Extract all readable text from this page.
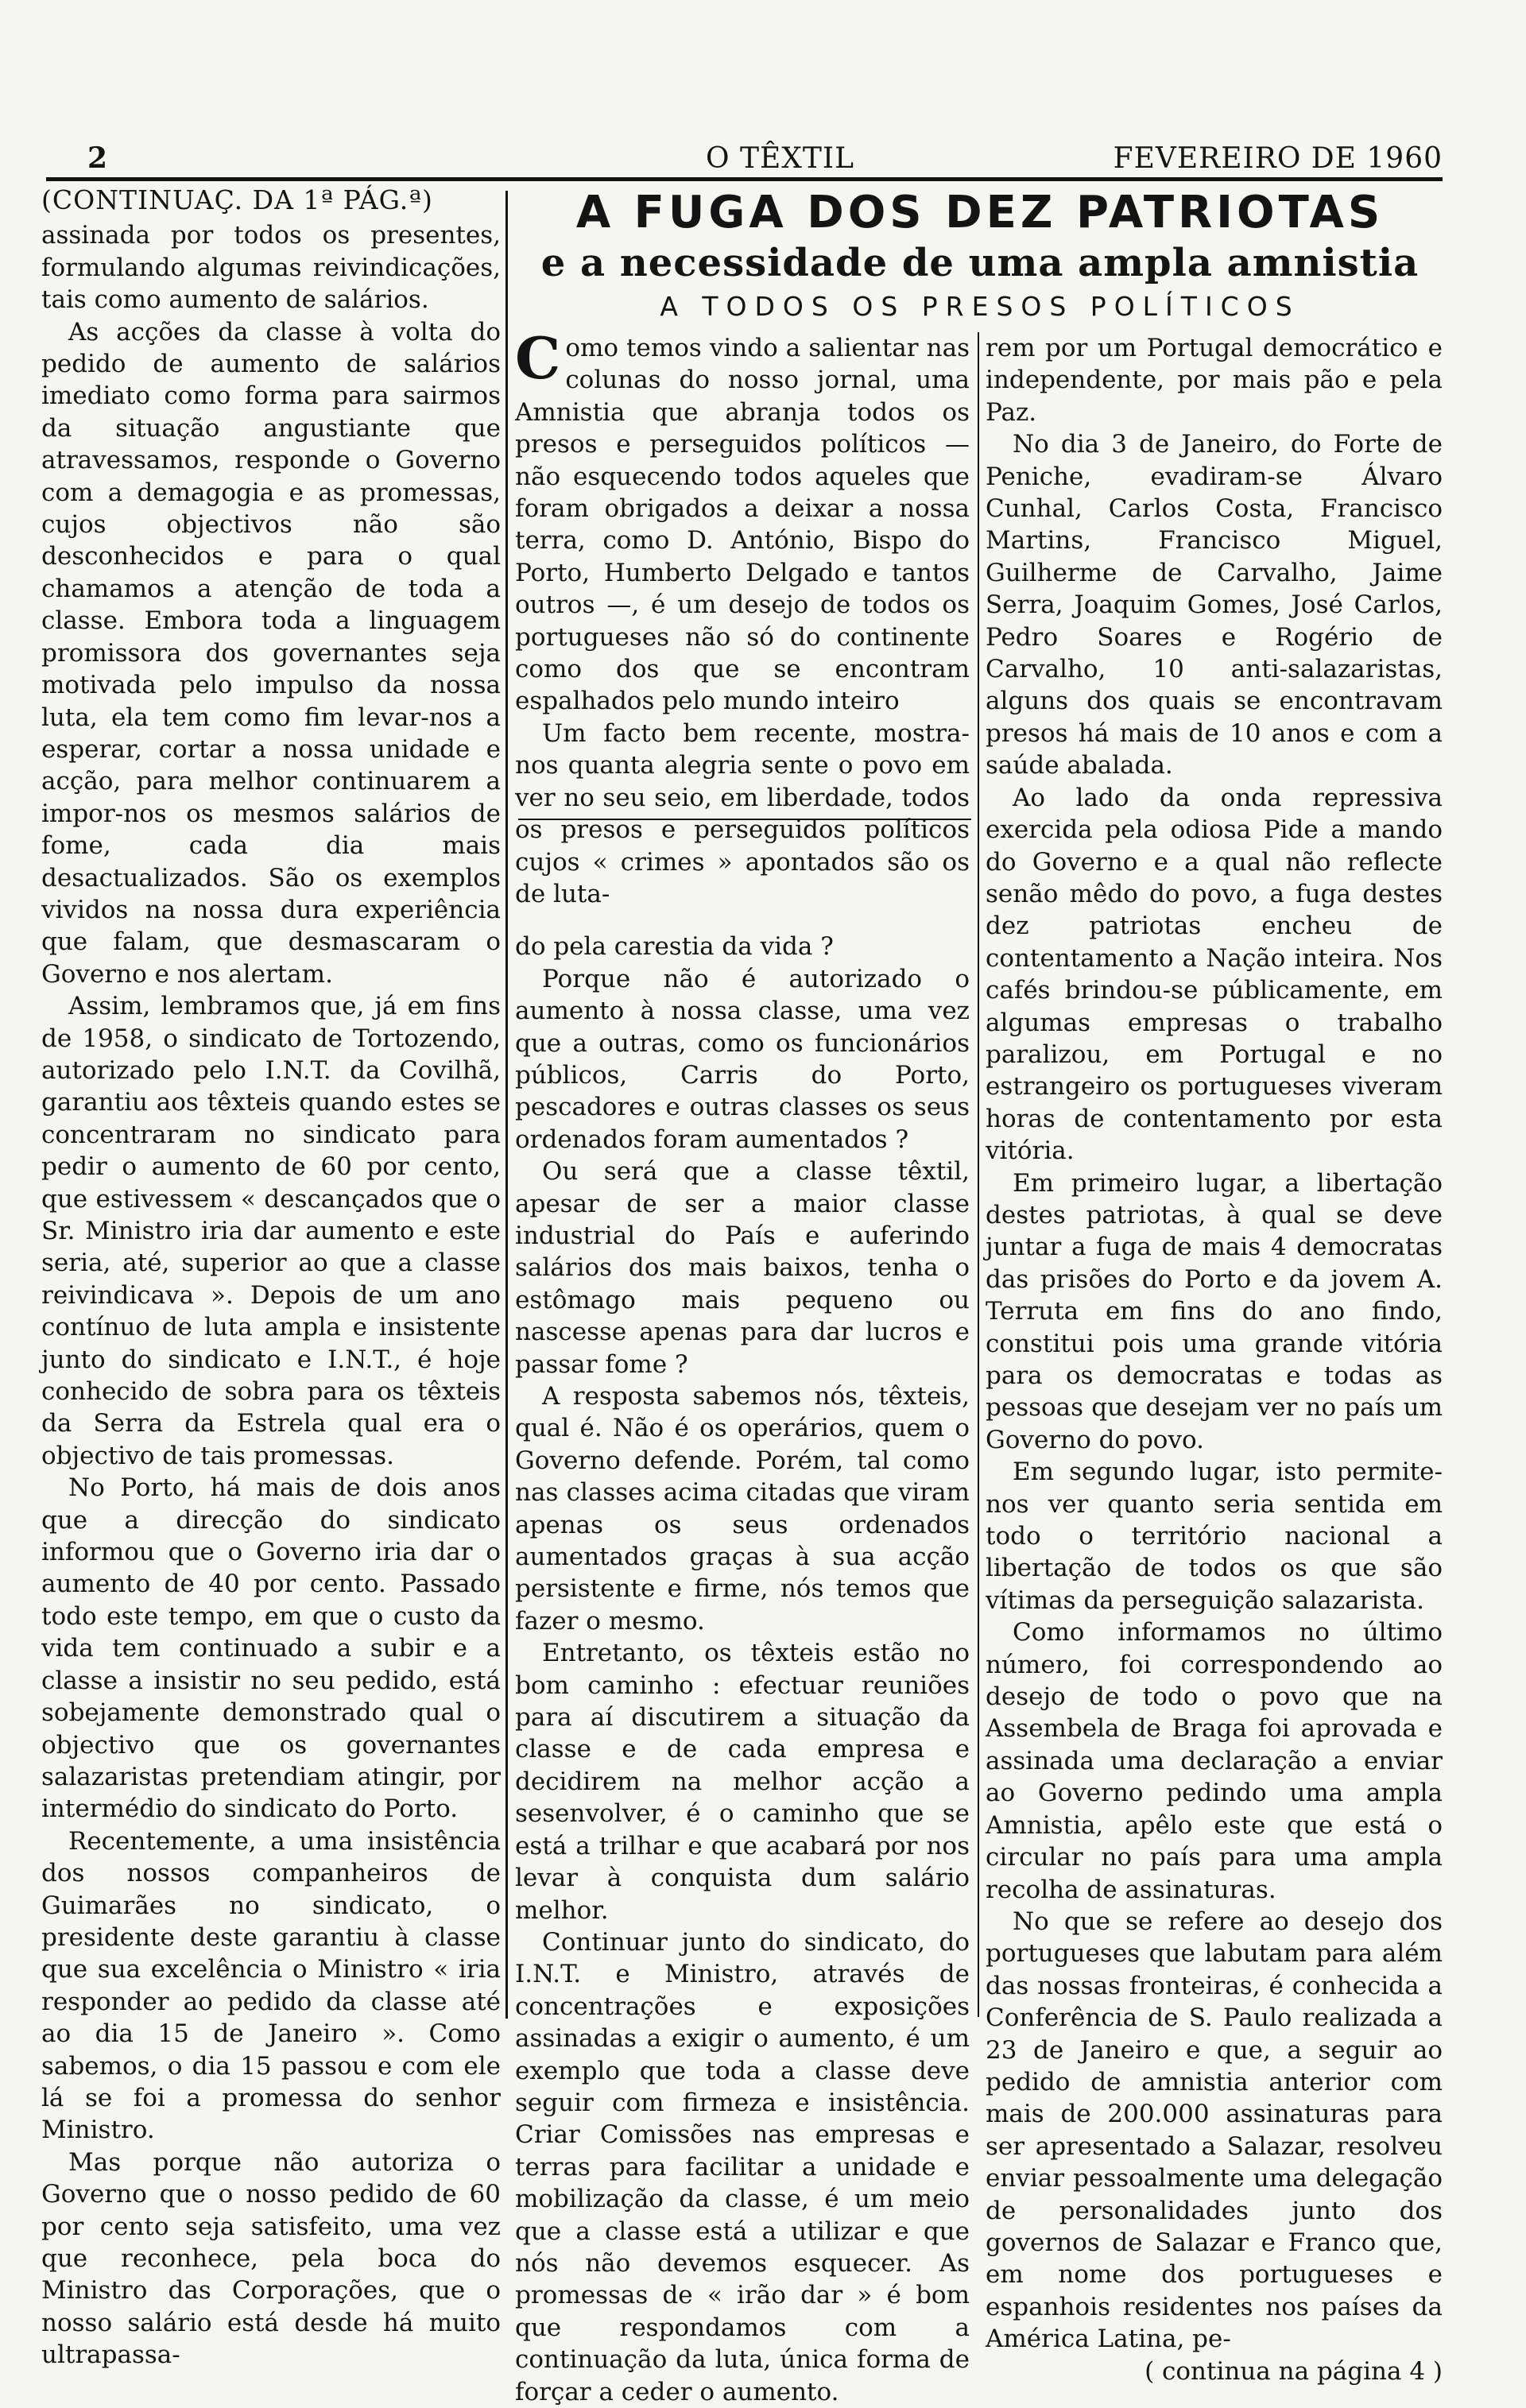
2	O TÊXTIL	FEVEREIRO DE 1960

(CONTINUAÇ. DA 1ª PÁG.ª)

assinada por todos os presentes, formulando algumas reivindicações, tais como aumento de salários.

As acções da classe à volta do pedido de aumento de salários imediato como forma para sairmos da situação angustiante que atravessamos, responde o Governo com a demagogia e as promessas, cujos objectivos não são desconhecidos e para o qual chamamos a atenção de toda a classe. Embora toda a linguagem promissora dos governantes seja motivada pelo impulso da nossa luta, ela tem como fim levar-nos a esperar, cortar a nossa unidade e acção, para melhor continuarem a impor-nos os mesmos salários de fome, cada dia mais desactualizados. São os exemplos vividos na nossa dura experiência que falam, que desmascaram o Governo e nos alertam.

Assim, lembramos que, já em fins de 1958, o sindicato de Tortozendo, autorizado pelo I.N.T. da Covilhã, garantiu aos têxteis quando estes se concentraram no sindicato para pedir o aumento de 60 por cento, que estivessem « descançados que o Sr. Ministro iria dar aumento e este seria, até, superior ao que a classe reivindicava ». Depois de um ano contínuo de luta ampla e insistente junto do sindicato e I.N.T., é hoje conhecido de sobra para os têxteis da Serra da Estrela qual era o objectivo de tais promessas.

No Porto, há mais de dois anos que a direcção do sindicato informou que o Governo iria dar o aumento de 40 por cento. Passado todo este tempo, em que o custo da vida tem continuado a subir e a classe a insistir no seu pedido, está sobejamente demonstrado qual o objectivo que os governantes salazaristas pretendiam atingir, por intermédio do sindicato do Porto.

Recentemente, a uma insistência dos nossos companheiros de Guimarães no sindicato, o presidente deste garantiu à classe que sua excelência o Ministro « iria responder ao pedido da classe até ao dia 15 de Janeiro ». Como sabemos, o dia 15 passou e com ele lá se foi a promessa do senhor Ministro.

Mas porque não autoriza o Governo que o nosso pedido de 60 por cento seja satisfeito, uma vez que reconhece, pela boca do Ministro das Corporações, que o nosso salário está desde há muito ultrapassa-

A FUGA DOS DEZ PATRIOTAS
e a necessidade de uma ampla amnistia
A TODOS OS PRESOS POLÍTICOS

Como temos vindo a salientar nas colunas do nosso jornal, uma Amnistia que abranja todos os presos e perseguidos políticos — não esquecendo todos aqueles que foram obrigados a deixar a nossa terra, como D. António, Bispo do Porto, Humberto Delgado e tantos outros —, é um desejo de todos os portugueses não só do continente como dos que se encontram espalhados pelo mundo inteiro

Um facto bem recente, mostra-nos quanta alegria sente o povo em ver no seu seio, em liberdade, todos os presos e perseguidos políticos cujos « crimes » apontados são os de luta-

do pela carestia da vida ?

Porque não é autorizado o aumento à nossa classe, uma vez que a outras, como os funcionários públicos, Carris do Porto, pescadores e outras classes os seus ordenados foram aumentados ?

Ou será que a classe têxtil, apesar de ser a maior classe industrial do País e auferindo salários dos mais baixos, tenha o estômago mais pequeno ou nascesse apenas para dar lucros e passar fome ?

A resposta sabemos nós, têxteis, qual é. Não é os operários, quem o Governo defende. Porém, tal como nas classes acima citadas que viram apenas os seus ordenados aumentados graças à sua acção persistente e firme, nós temos que fazer o mesmo.

Entretanto, os têxteis estão no bom caminho : efectuar reuniões para aí discutirem a situação da classe e de cada empresa e decidirem na melhor acção a sesenvolver, é o caminho que se está a trilhar e que acabará por nos levar à conquista dum salário melhor.

Continuar junto do sindicato, do I.N.T. e Ministro, através de concentrações e exposições assinadas a exigir o aumento, é um exemplo que toda a classe deve seguir com firmeza e insistência. Criar Comissões nas empresas e terras para facilitar a unidade e mobilização da classe, é um meio que a classe está a utilizar e que nós não devemos esquecer. As promessas de « irão dar » é bom que respondamos com a continuação da luta, única forma de forçar a ceder o aumento.

rem por um Portugal democrático e independente, por mais pão e pela Paz.

No dia 3 de Janeiro, do Forte de Peniche, evadiram-se Álvaro Cunhal, Carlos Costa, Francisco Martins, Francisco Miguel, Guilherme de Carvalho, Jaime Serra, Joaquim Gomes, José Carlos, Pedro Soares e Rogério de Carvalho, 10 anti-salazaristas, alguns dos quais se encontravam presos há mais de 10 anos e com a saúde abalada.

Ao lado da onda repressiva exercida pela odiosa Pide a mando do Governo e a qual não reflecte senão mêdo do povo, a fuga destes dez patriotas encheu de contentamento a Nação inteira. Nos cafés brindou-se públicamente, em algumas empresas o trabalho paralizou, em Portugal e no estrangeiro os portugueses viveram horas de contentamento por esta vitória.

Em primeiro lugar, a libertação destes patriotas, à qual se deve juntar a fuga de mais 4 democratas das prisões do Porto e da jovem A. Terruta em fins do ano findo, constitui pois uma grande vitória para os democratas e todas as pessoas que desejam ver no país um Governo do povo.

Em segundo lugar, isto permite-nos ver quanto seria sentida em todo o território nacional a libertação de todos os que são vítimas da perseguição salazarista.

Como informamos no último número, foi correspondendo ao desejo de todo o povo que na Assembela de Braga foi aprovada e assinada uma declaração a enviar ao Governo pedindo uma ampla Amnistia, apêlo este que está o circular no país para uma ampla recolha de assinaturas.

No que se refere ao desejo dos portugueses que labutam para além das nossas fronteiras, é conhecida a Conferência de S. Paulo realizada a 23 de Janeiro e que, a seguir ao pedido de amnistia anterior com mais de 200.000 assinaturas para ser apresentado a Salazar, resolveu enviar pessoalmente uma delegação de personalidades junto dos governos de Salazar e Franco que, em nome dos portugueses e espanhois residentes nos países da América Latina, pe-

( continua na página 4 )
